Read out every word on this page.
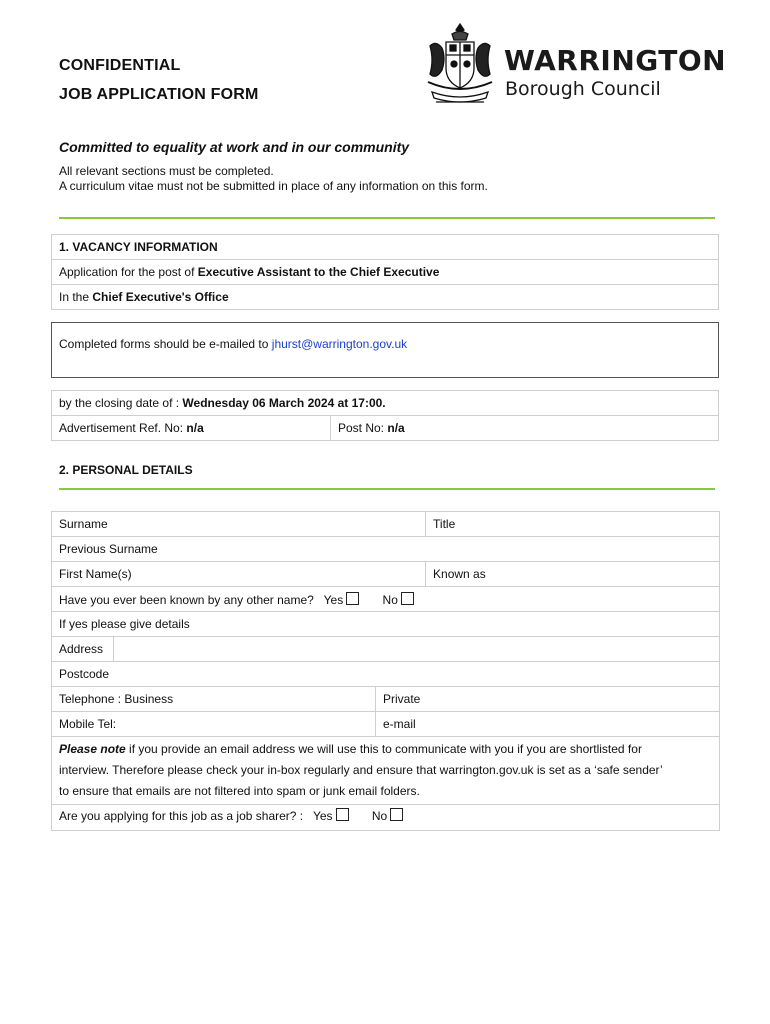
CONFIDENTIAL
JOB APPLICATION FORM
WARRINGTON
Borough Council
Committed to equality at work and in our community
All relevant sections must be completed.
A curriculum vitae must not be submitted in place of any information on this form.
1. VACANCY INFORMATION
Application for the post of Executive Assistant to the Chief Executive
In the Chief Executive's Office
Completed forms should be e-mailed to jhurst@warrington.gov.uk
by the closing date of : Wednesday 06 March 2024 at 17:00.
Advertisement Ref. No: n/a	Post No: n/a
2. PERSONAL DETAILS
Surname			Title
Previous Surname			
First Name(s)			Known as
Have you ever been known by any other name? Yes No			
If yes please give details			
Address			
Postcode			
Telephone : Business		Private	
Mobile Tel:		e-mail	
Please note if you provide an email address we will use this to communicate with you if you are shortlisted for
interview. Therefore please check your in-box regularly and ensure that warrington.gov.uk is set as a ‘safe sender’
to ensure that emails are not filtered into spam or junk email folders.			
Are you applying for this job as a job sharer? : Yes No			
